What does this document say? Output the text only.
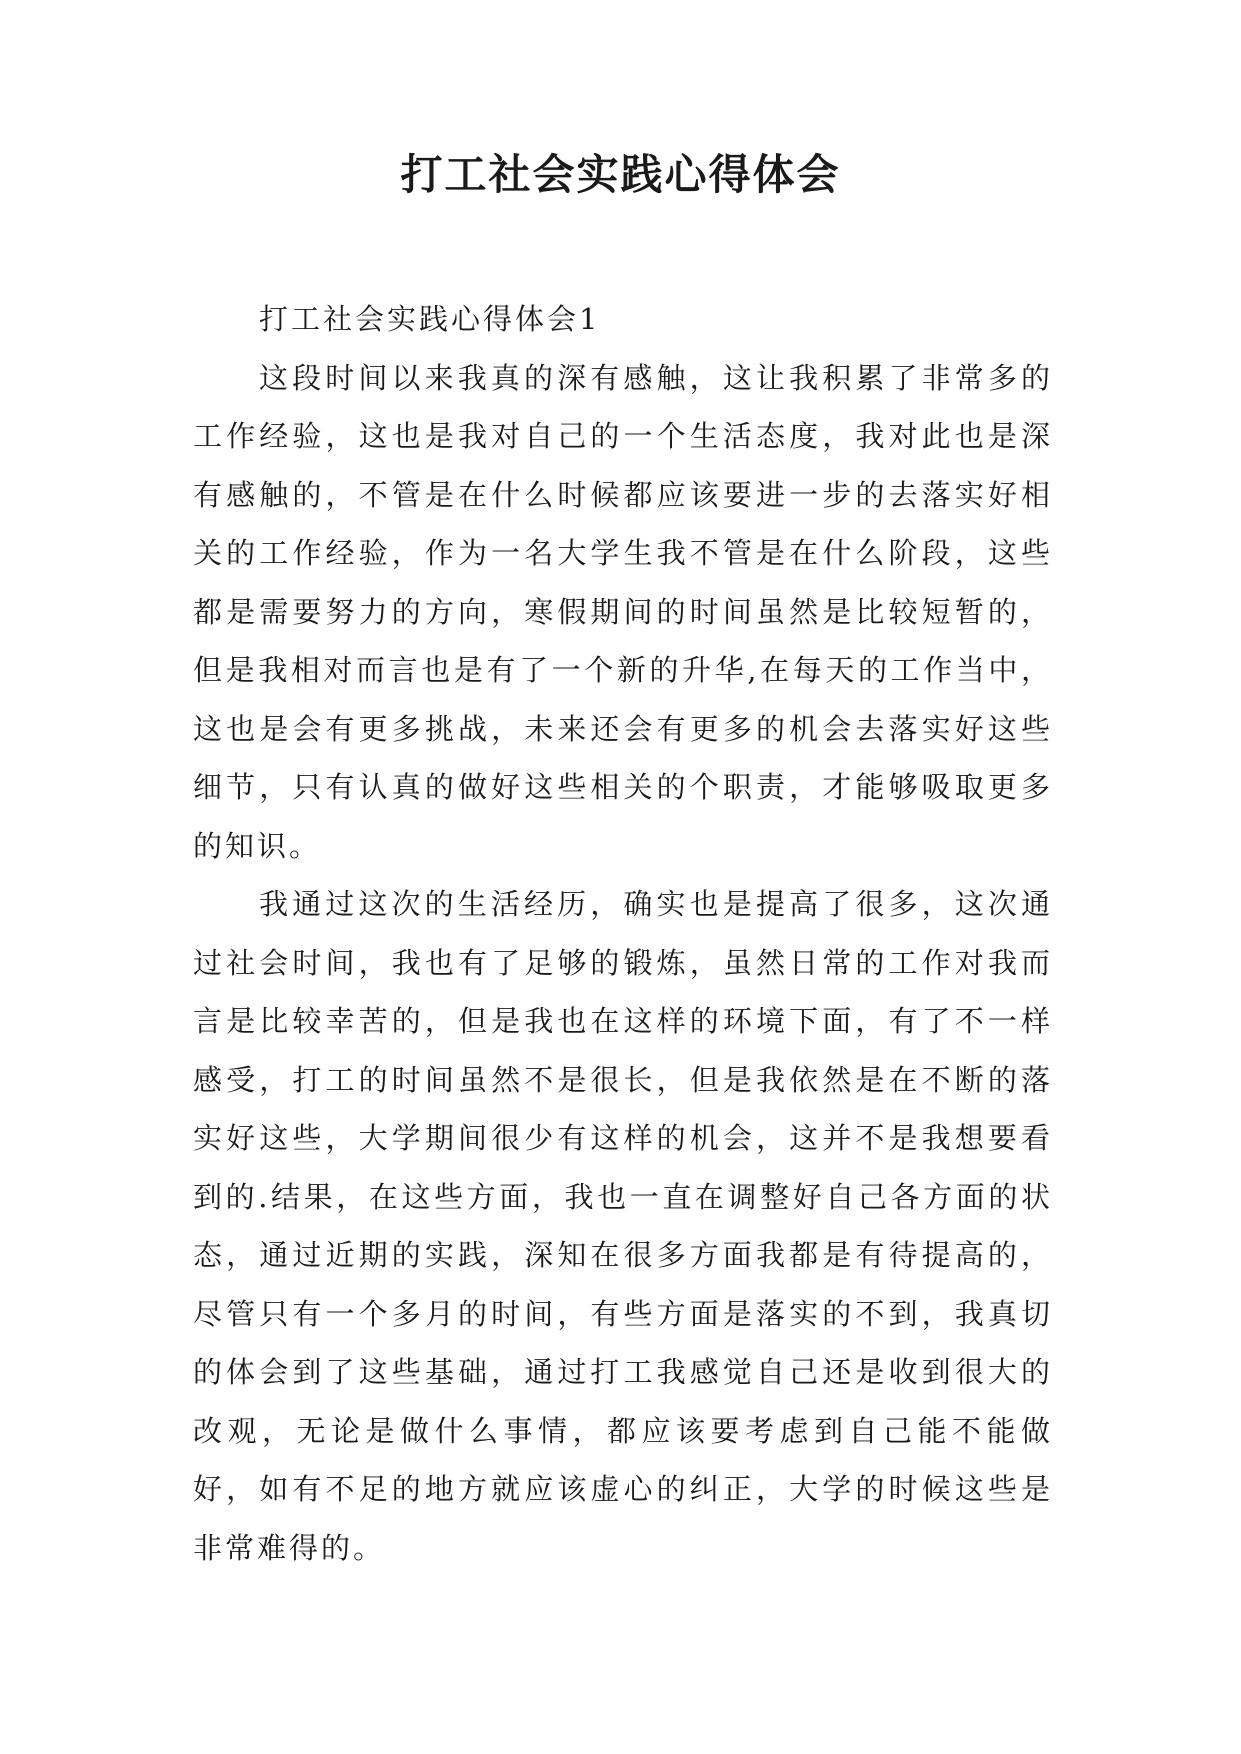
打工社会实践心得体会
打工社会实践心得体会1

这段时间以来我真的深有感触，这让我积累了非常多的工作经验，这也是我对自己的一个生活态度，我对此也是深有感触的，不管是在什么时候都应该要进一步的去落实好相关的工作经验，作为一名大学生我不管是在什么阶段，这些都是需要努力的方向，寒假期间的时间虽然是比较短暂的，但是我相对而言也是有了一个新的升华,在每天的工作当中，这也是会有更多挑战，未来还会有更多的机会去落实好这些细节，只有认真的做好这些相关的个职责，才能够吸取更多的知识。

我通过这次的生活经历，确实也是提高了很多，这次通过社会时间，我也有了足够的锻炼，虽然日常的工作对我而言是比较幸苦的，但是我也在这样的环境下面，有了不一样感受，打工的时间虽然不是很长，但是我依然是在不断的落实好这些，大学期间很少有这样的机会，这并不是我想要看到的.结果，在这些方面，我也一直在调整好自己各方面的状态，通过近期的实践，深知在很多方面我都是有待提高的，尽管只有一个多月的时间，有些方面是落实的不到，我真切的体会到了这些基础，通过打工我感觉自己还是收到很大的改观，无论是做什么事情，都应该要考虑到自己能不能做好，如有不足的地方就应该虚心的纠正，大学的时候这些是非常难得的。
